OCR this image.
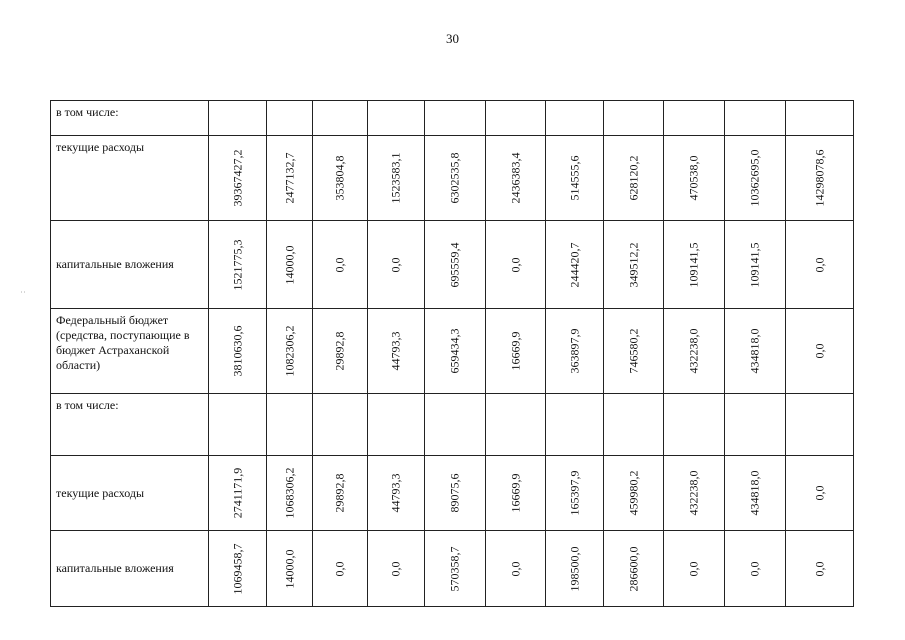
30
˙˙
в том числе:											
текущие расходы	39367427,2	2477132,7	353804,8	1523583,1	6302535,8	2436383,4	514555,6	628120,2	470538,0	10362695,0	14298078,6

капитальные вложения	1521775,3	14000,0	0,0	0,0	695559,4	0,0	244420,7	349512,2	109141,5	109141,5	0,0

Федеральный бюджет (средства, поступающие в бюджет Астраханской области)	3810630,6	1082306,2	29892,8	44793,3	659434,3	16669,9	363897,9	746580,2	432238,0	434818,0	0,0

в том числе:											
текущие расходы	2741171,9	1068306,2	29892,8	44793,3	89075,6	16669,9	165397,9	459980,2	432238,0	434818,0	0,0

капитальные вложения	1069458,7	14000,0	0,0	0,0	570358,7	0,0	198500,0	286600,0	0,0	0,0	0,0
